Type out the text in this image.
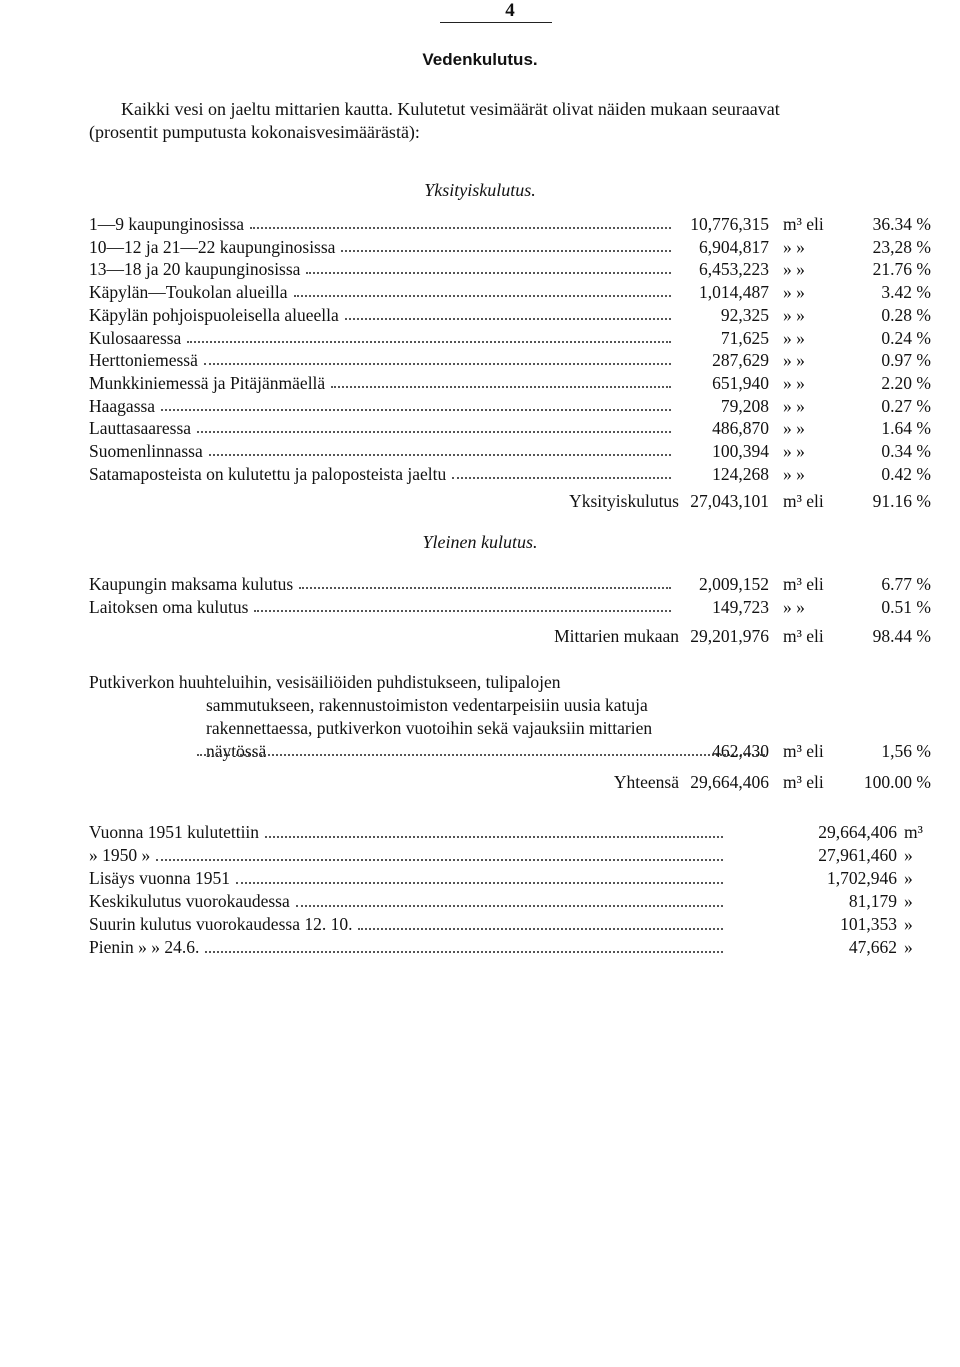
4
Vedenkulutus.
Kaikki vesi on jaeltu mittarien kautta. Kulutetut vesimäärät olivat näiden mukaan seuraavat
(prosentit pumputusta kokonaisvesimäärästä):
Yksityiskulutus.
1—9 kaupunginosissa	10,776,315 m³ eli	36.34 %
10—12 ja 21—22 kaupunginosissa	6,904,817 » »	23,28 %
13—18 ja 20 kaupunginosissa	6,453,223 » »	21.76 %
Käpylän—Toukolan alueilla	1,014,487 » »	3.42 %
Käpylän pohjoispuoleisella alueella	92,325 » »	0.28 %
Kulosaaressa	71,625 » »	0.24 %
Herttoniemessä	287,629 » »	0.97 %
Munkkiniemessä ja Pitäjänmäellä	651,940 » »	2.20 %
Haagassa	79,208 » »	0.27 %
Lauttasaaressa	486,870 » »	1.64 %
Suomenlinnassa	100,394 » »	0.34 %
Satamaposteista on kulutettu ja paloposteista jaeltu	124,268 » »	0.42 %
Yksityiskulutus 27,043,101 m³ eli	91.16 %
Yleinen kulutus.
Kaupungin maksama kulutus	2,009,152 m³ eli	6.77 %
Laitoksen oma kulutus	149,723 » »	0.51 %
Mittarien mukaan 29,201,976 m³ eli	98.44 %
Putkiverkon huuhteluihin, vesisäiliöiden puhdistukseen, tulipalojen
sammutukseen, rakennustoimiston vedentarpeisiin uusia katuja
rakennettaessa, putkiverkon vuotoihin sekä vajauksiin mittarien
näytössä	462,430 m³ eli	1,56 %
Yhteensä 29,664,406 m³ eli	100.00 %
Vuonna 1951 kulutettiin	29,664,406 m³
» 1950 »	27,961,460 »
Lisäys vuonna 1951	1,702,946 »
Keskikulutus vuorokaudessa	81,179 »
Suurin kulutus vuorokaudessa 12. 10.	101,353 »
Pienin » » 24.6.	47,662 »
